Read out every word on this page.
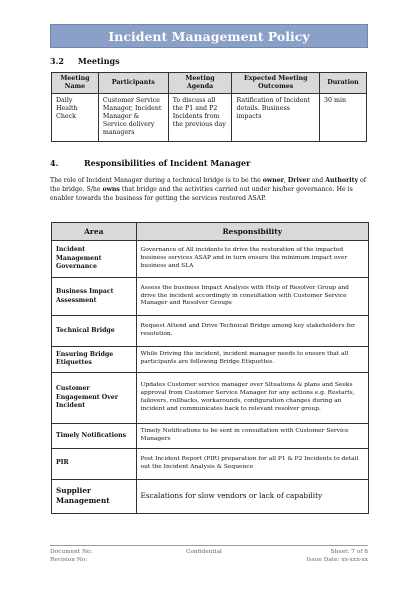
Incident Management Policy
3.2 Meetings
Meeting Name	Participants	Meeting Agenda	Expected Meeting Outcomes	Duration
Daily Health Check	Customer Service Manager, Incident Manager & Service delivery managers	To discuss all the P1 and P2 Incidents from the previous day	Ratification of Incident details. Business impacts	30 min
4.	Responsibilities of Incident Manager

The role of Incident Manager during a technical bridge is to be the owner, Driver and Authority of the bridge. S/he owns that bridge and the activities carried out under his/her governance. He is enabler towards the business for getting the services restored ASAP.

Area	Responsibility
Incident Management Governance	Governance of All incidents to drive the restoration of the impacted business services ASAP and in turn ensure the minimum impact over business and SLA
Business Impact Assessment	Assess the business Impact Analysis with Help of Resolver Group and drive the incident accordingly in consultation with Customer Service Manager and Resolver Groups
Technical Bridge	Request Attend and Drive Technical Bridge among key stakeholders for resolution.
Ensuring Bridge Etiquettes	While Driving the incident, incident manager needs to ensure that all participants are following Bridge Etiquettes.
Customer Engagement Over Incident	Updates Customer service manager over Situations & plans and Seeks approval from Customer Service Manager for any actions e.g. Restarts, failovers, rollbacks, workarounds, configuration changes during an incident and communicates back to relevant resolver group.
Timely Notifications	Timely Notifications to be sent in consultation with Customer Service Managers
PIR	Post Incident Report (PIR) preparation for all P1 & P2 Incidents to detail out the Incident Analysis & Sequence
Supplier Management	Escalations for slow vendors or lack of capability
Document No:
Revision No:
Confidential	Sheet: 7 of 8
Issue Date: xx-xxx-xx
